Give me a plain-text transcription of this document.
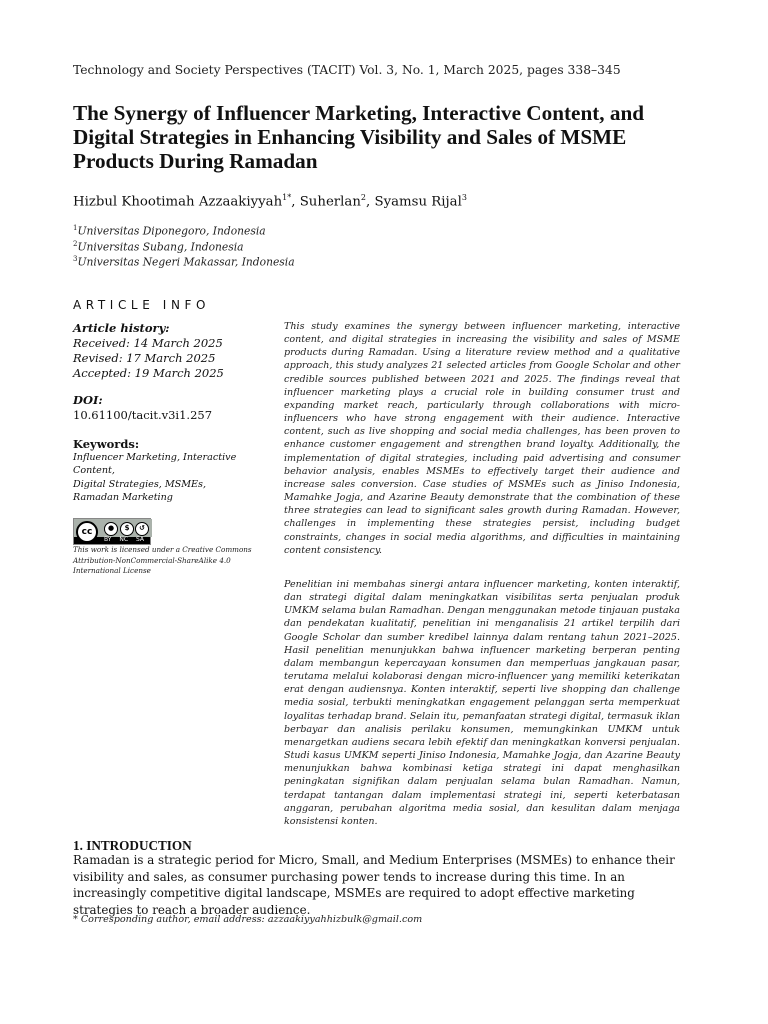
Technology and Society Perspectives (TACIT) Vol. 3, No. 1, March 2025, pages 338–345
The Synergy of Influencer Marketing, Interactive Content, and Digital Strategies in Enhancing Visibility and Sales of MSME Products During Ramadan
Hizbul Khootimah Azzaakiyyah$^{1*}$, Suherlan$^2$, Syamsu Rijal$^3$
$^1$Universitas Diponegoro, Indonesia
$^2$Universitas Subang, Indonesia
$^3$Universitas Negeri Makassar, Indonesia
ARTICLE INFO
Article history:
Received: 14 March 2025
Revised: 17 March 2025
Accepted: 19 March 2025
DOI:
10.61100/tacit.v3i1.257
Keywords:
Influencer Marketing, Interactive Content,
Digital Strategies, MSMEs,
Ramadan Marketing
cc	●	$	↺
BY NC SA
This work is licensed under a Creative Commons
Attribution-NonCommercial-ShareAlike 4.0
International License

This study examines the synergy between influencer marketing, interactive content, and digital strategies in increasing the visibility and sales of MSME products during Ramadan. Using a literature review method and a qualitative approach, this study analyzes 21 selected articles from Google Scholar and other credible sources published between 2021 and 2025. The findings reveal that influencer marketing plays a crucial role in building consumer trust and expanding market reach, particularly through collaborations with micro-influencers who have strong engagement with their audience. Interactive content, such as live shopping and social media challenges, has been proven to enhance customer engagement and strengthen brand loyalty. Additionally, the implementation of digital strategies, including paid advertising and consumer behavior analysis, enables MSMEs to effectively target their audience and increase sales conversion. Case studies of MSMEs such as Jiniso Indonesia, Mamahke Jogja, and Azarine Beauty demonstrate that the combination of these three strategies can lead to significant sales growth during Ramadan. However, challenges in implementing these strategies persist, including budget constraints, changes in social media algorithms, and difficulties in maintaining content consistency.

Penelitian ini membahas sinergi antara influencer marketing, konten interaktif, dan strategi digital dalam meningkatkan visibilitas serta penjualan produk UMKM selama bulan Ramadhan. Dengan menggunakan metode tinjauan pustaka dan pendekatan kualitatif, penelitian ini menganalisis 21 artikel terpilih dari Google Scholar dan sumber kredibel lainnya dalam rentang tahun 2021–2025. Hasil penelitian menunjukkan bahwa influencer marketing berperan penting dalam membangun kepercayaan konsumen dan memperluas jangkauan pasar, terutama melalui kolaborasi dengan micro-influencer yang memiliki keterikatan erat dengan audiensnya. Konten interaktif, seperti live shopping dan challenge media sosial, terbukti meningkatkan engagement pelanggan serta memperkuat loyalitas terhadap brand. Selain itu, pemanfaatan strategi digital, termasuk iklan berbayar dan analisis perilaku konsumen, memungkinkan UMKM untuk menargetkan audiens secara lebih efektif dan meningkatkan konversi penjualan. Studi kasus UMKM seperti Jiniso Indonesia, Mamahke Jogja, dan Azarine Beauty menunjukkan bahwa kombinasi ketiga strategi ini dapat menghasilkan peningkatan signifikan dalam penjualan selama bulan Ramadhan. Namun, terdapat tantangan dalam implementasi strategi ini, seperti keterbatasan anggaran, perubahan algoritma media sosial, dan kesulitan dalam menjaga konsistensi konten.

1. INTRODUCTION

Ramadan is a strategic period for Micro, Small, and Medium Enterprises (MSMEs) to enhance their visibility and sales, as consumer purchasing power tends to increase during this time. In an increasingly competitive digital landscape, MSMEs are required to adopt effective marketing strategies to reach a broader audience.

* Corresponding author, email address: azzaakiyyahhizbulk@gmail.com
